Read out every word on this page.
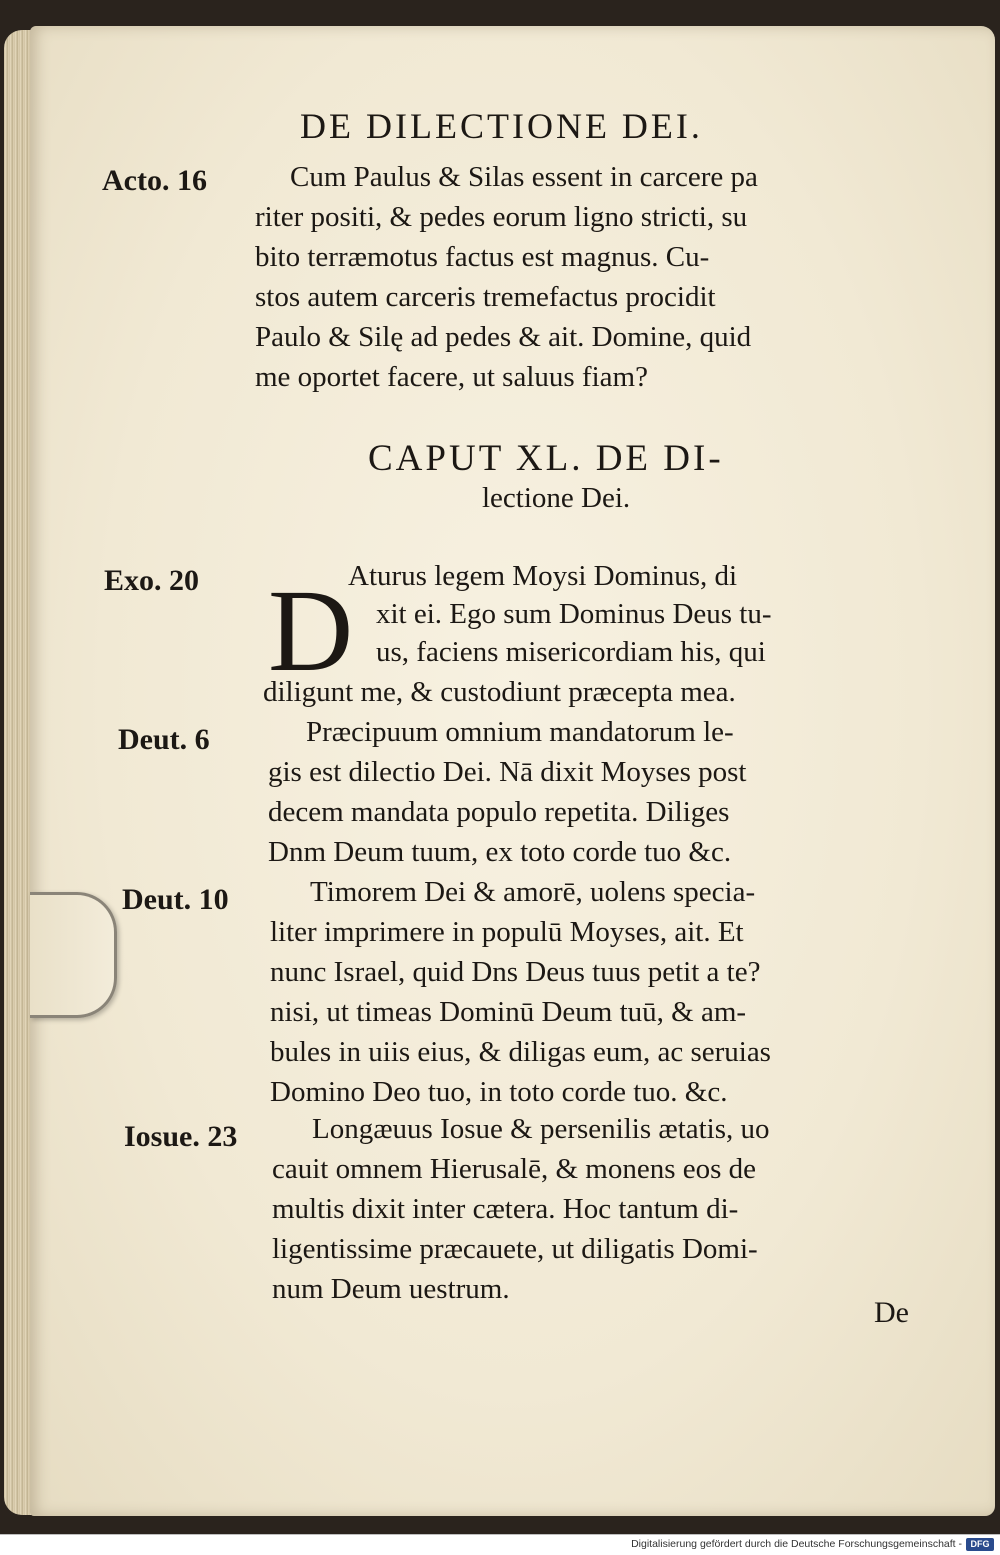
DE DILECTIONE DEI.
Acto. 16	Cum Paulus & Silas essent in carcere pa
riter positi, & pedes eorum ligno stricti, su
bito terræmotus factus est magnus. Cu-
stos autem carceris tremefactus procidit
Paulo & Silę ad pedes & ait. Domine, quid
me oportet facere, ut saluus fiam?
CAPUT XL. DE DI-
lectione Dei.
Exo. 20 D
Aturus legem Moysi Dominus, di
xit ei. Ego sum Dominus Deus tu-
us, faciens misericordiam his, qui
diligunt me, & custodiunt præcepta mea.
Deut. 6	Præcipuum omnium mandatorum le-
gis est dilectio Dei. Nā dixit Moyses post
decem mandata populo repetita. Diliges
Dnm Deum tuum, ex toto corde tuo &c.
Deut. 10	Timorem Dei & amorē, uolens specia-
liter imprimere in populū Moyses, ait. Et
nunc Israel, quid Dns Deus tuus petit a te?
nisi, ut timeas Dominū Deum tuū, & am-
bules in uiis eius, & diligas eum, ac seruias
Domino Deo tuo, in toto corde tuo. &c.
Iosue. 23	Longæuus Iosue & persenilis ætatis, uo
cauit omnem Hierusalē, & monens eos de
multis dixit inter cætera. Hoc tantum di-
ligentissime præcauete, ut diligatis Domi-
num Deum uestrum.
De
Digitalisierung gefördert durch die Deutsche Forschungsgemeinschaft - DFG
